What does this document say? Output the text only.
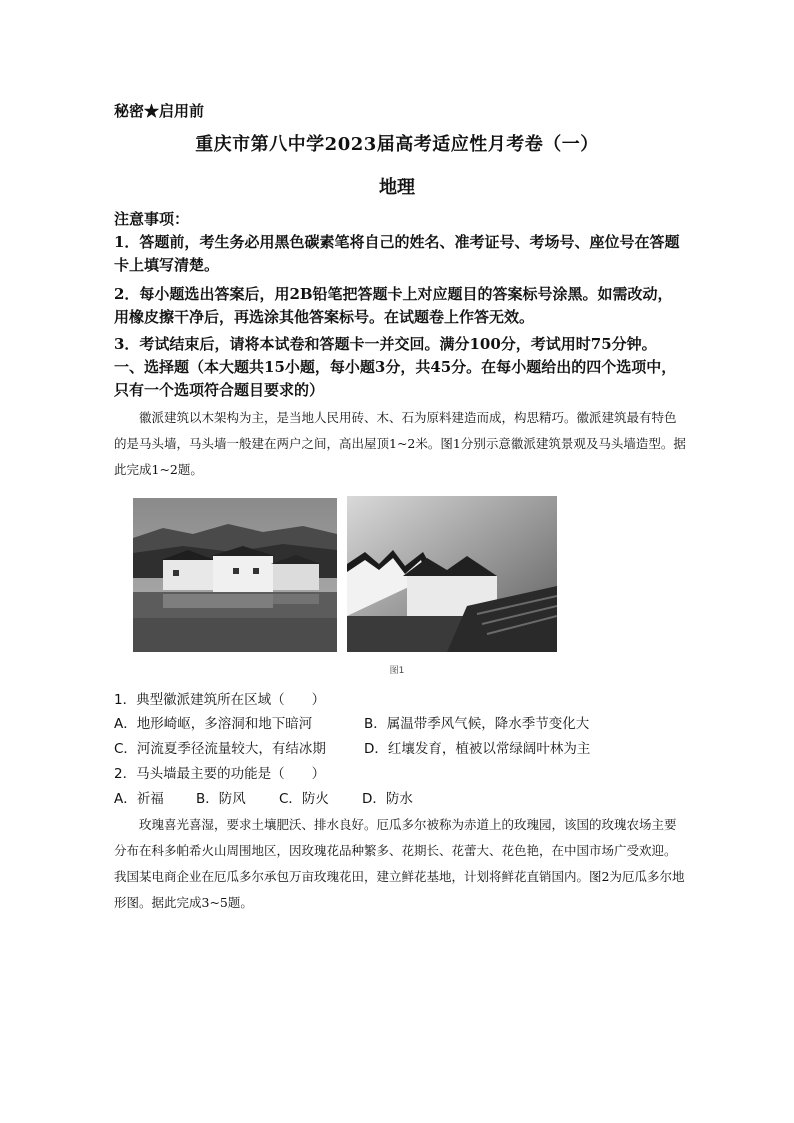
秘密★启用前
重庆市第八中学2023届高考适应性月考卷（一）
地理
注意事项：
1．答题前，考生务必用黑色碳素笔将自己的姓名、准考证号、考场号、座位号在答题卡上填写清楚。
2．每小题选出答案后，用2B铅笔把答题卡上对应题目的答案标号涂黑。如需改动，用橡皮擦干净后，再选涂其他答案标号。在试题卷上作答无效。
3．考试结束后，请将本试卷和答题卡一并交回。满分100分，考试用时75分钟。
一、选择题（本大题共15小题，每小题3分，共45分。在每小题给出的四个选项中，只有一个选项符合题目要求的）
徽派建筑以木架构为主，是当地人民用砖、木、石为原料建造而成，构思精巧。徽派建筑最有特色的是马头墙，马头墙一般建在两户之间，高出屋顶1~2米。图1分别示意徽派建筑景观及马头墙造型。据此完成1~2题。
图1
1．典型徽派建筑所在区域（　　）
A．地形崎岖，多溶洞和地下暗河	B．属温带季风气候，降水季节变化大
C．河流夏季径流量较大，有结冰期	D．红壤发育，植被以常绿阔叶林为主
2．马头墙最主要的功能是（　　）
A．祈福 B．防风 C．防火 D．防水
玫瑰喜光喜湿，要求土壤肥沃、排水良好。厄瓜多尔被称为赤道上的玫瑰园，该国的玫瑰农场主要分布在科多帕希火山周围地区，因玫瑰花品种繁多、花期长、花蕾大、花色艳，在中国市场广受欢迎。我国某电商企业在厄瓜多尔承包万亩玫瑰花田，建立鲜花基地，计划将鲜花直销国内。图2为厄瓜多尔地形图。据此完成3~5题。
